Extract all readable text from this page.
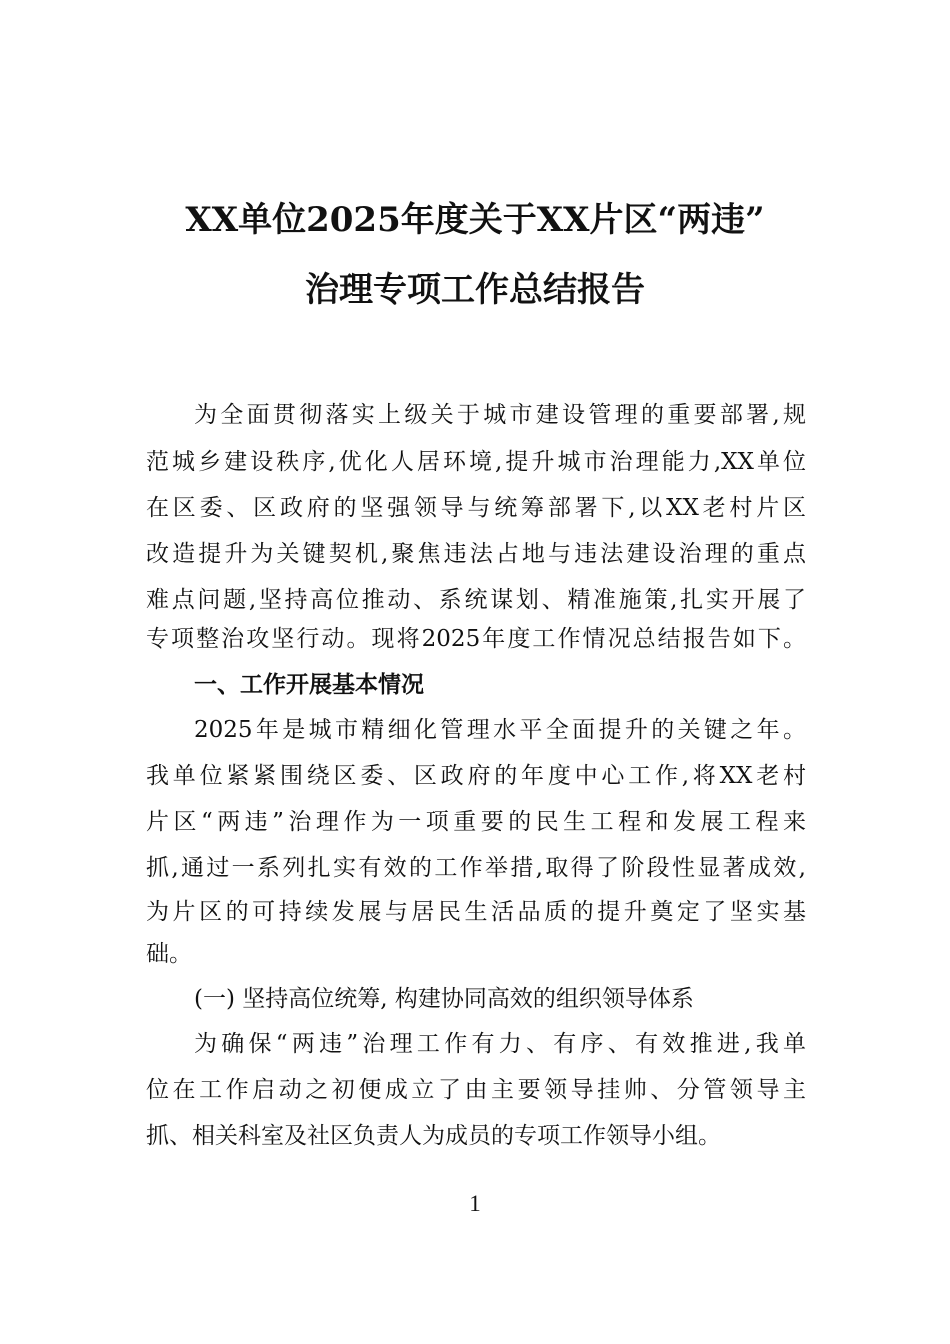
XX单位2025年度关于XX片区“两违”
治理专项工作总结报告
为全面贯彻落实上级关于城市建设管理的重要部署,规
范城乡建设秩序,优化人居环境,提升城市治理能力,XX单位
在区委、区政府的坚强领导与统筹部署下,以XX老村片区
改造提升为关键契机,聚焦违法占地与违法建设治理的重点
难点问题,坚持高位推动、系统谋划、精准施策,扎实开展了
专项整治攻坚行动。现将2025年度工作情况总结报告如下。
一、工作开展基本情况
2025年是城市精细化管理水平全面提升的关键之年。
我单位紧紧围绕区委、区政府的年度中心工作,将XX老村
片区“两违”治理作为一项重要的民生工程和发展工程来
抓,通过一系列扎实有效的工作举措,取得了阶段性显著成效,
为片区的可持续发展与居民生活品质的提升奠定了坚实基
础。
(一) 坚持高位统筹, 构建协同高效的组织领导体系
为确保“两违”治理工作有力、有序、有效推进,我单
位在工作启动之初便成立了由主要领导挂帅、分管领导主
抓、相关科室及社区负责人为成员的专项工作领导小组。
1
